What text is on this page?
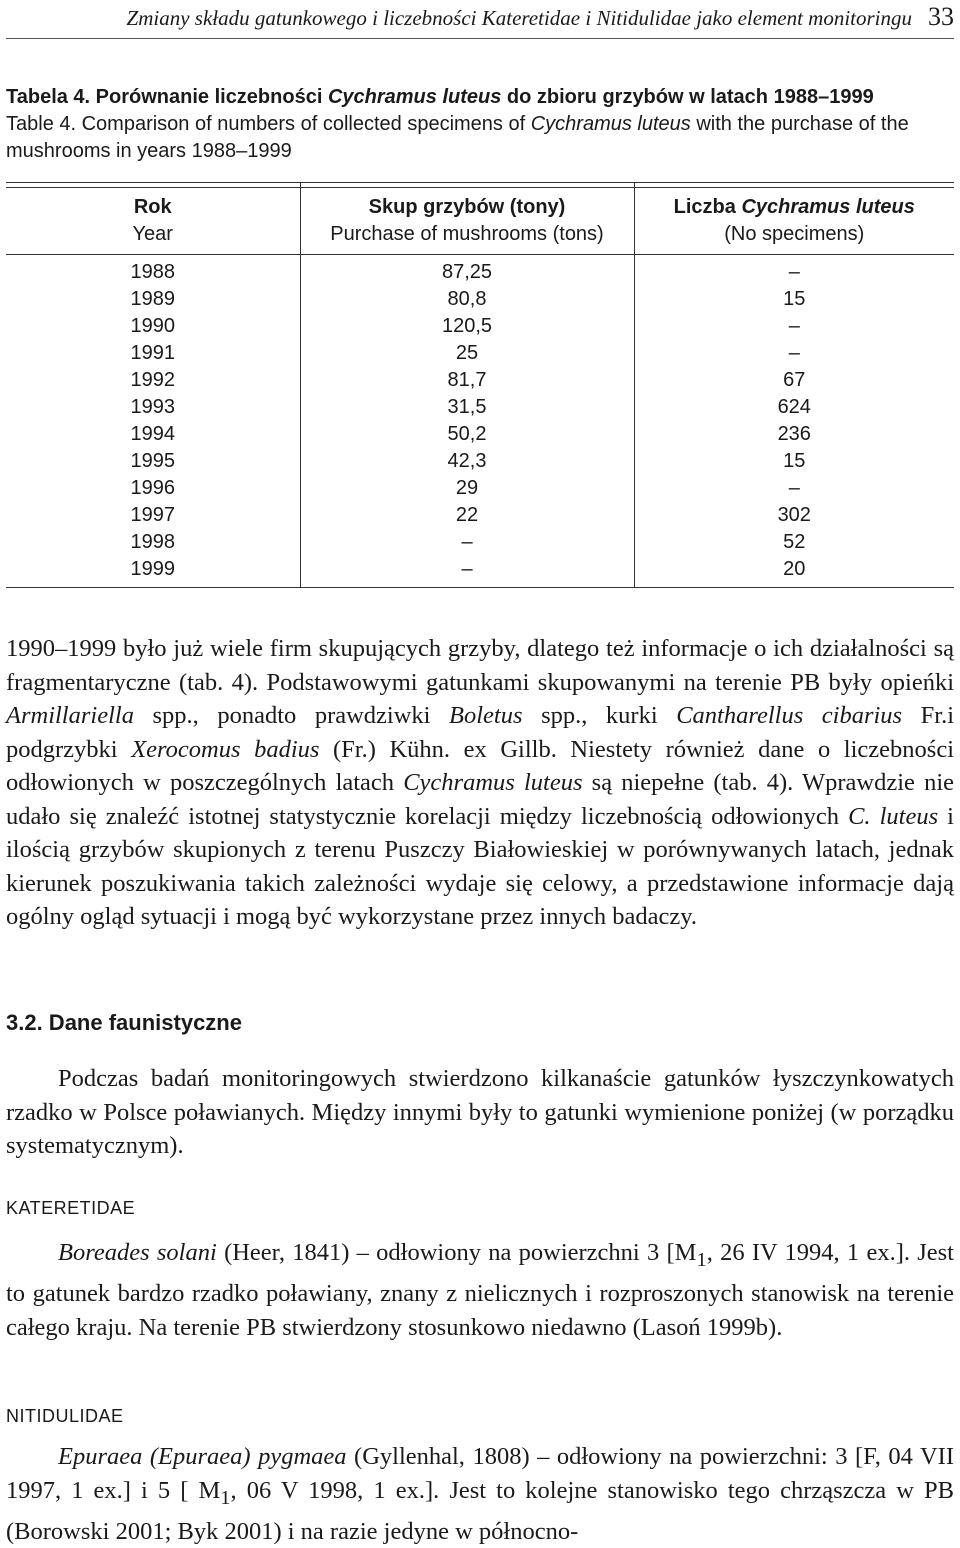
Zmiany składu gatunkowego i liczebności Kateretidae i Nitidulidae jako element monitoringu 33
Tabela 4. Porównanie liczebności Cychramus luteus do zbioru grzybów w latach 1988–1999
Table 4. Comparison of numbers of collected specimens of Cychramus luteus with the purchase of the mushrooms in years 1988–1999

Rok	Skup grzybów (tony)	Liczba Cychramus luteus
Year	Purchase of mushrooms (tons)	(No specimens)
1988	87,25	–
1989	80,8	15
1990	120,5	–
1991	25	–
1992	81,7	67
1993	31,5	624
1994	50,2	236
1995	42,3	15
1996	29	–
1997	22	302
1998	–	52
1999	–	20

1990–1999 było już wiele firm skupujących grzyby, dlatego też informacje o ich działalności są fragmentaryczne (tab. 4). Podstawowymi gatunkami skupowanymi na terenie PB były opieńki Armillariella spp., ponadto prawdziwki Boletus spp., kurki Cantharellus cibarius Fr.i podgrzybki Xerocomus badius (Fr.) Kühn. ex Gillb. Niestety również dane o liczebności odłowionych w poszczególnych latach Cychramus luteus są niepełne (tab. 4). Wprawdzie nie udało się znaleźć istotnej statystycznie korelacji między liczebnością odłowionych C. luteus i ilością grzybów skupionych z terenu Puszczy Białowieskiej w porównywanych latach, jednak kierunek poszukiwania takich zależności wydaje się celowy, a przedstawione informacje dają ogólny ogląd sytuacji i mogą być wykorzystane przez innych badaczy.

3.2. Dane faunistyczne

Podczas badań monitoringowych stwierdzono kilkanaście gatunków łyszczynkowatych rzadko w Polsce poławianych. Między innymi były to gatunki wymienione poniżej (w porządku systematycznym).

KATERETIDAE

Boreades solani (Heer, 1841) – odłowiony na powierzchni 3 [$M_1$, 26 IV 1994, 1 ex.]. Jest to gatunek bardzo rzadko poławiany, znany z nielicznych i rozproszonych stanowisk na terenie całego kraju. Na terenie PB stwierdzony stosunkowo niedawno (Lasoń 1999b).

NITIDULIDAE

Epuraea (Epuraea) pygmaea (Gyllenhal, 1808) – odłowiony na powierzchni: 3 [F, 04 VII 1997, 1 ex.] i 5 [ $M_1$, 06 V 1998, 1 ex.]. Jest to kolejne stanowisko tego chrząszcza w PB (Borowski 2001; Byk 2001) i na razie jedyne w północno-
